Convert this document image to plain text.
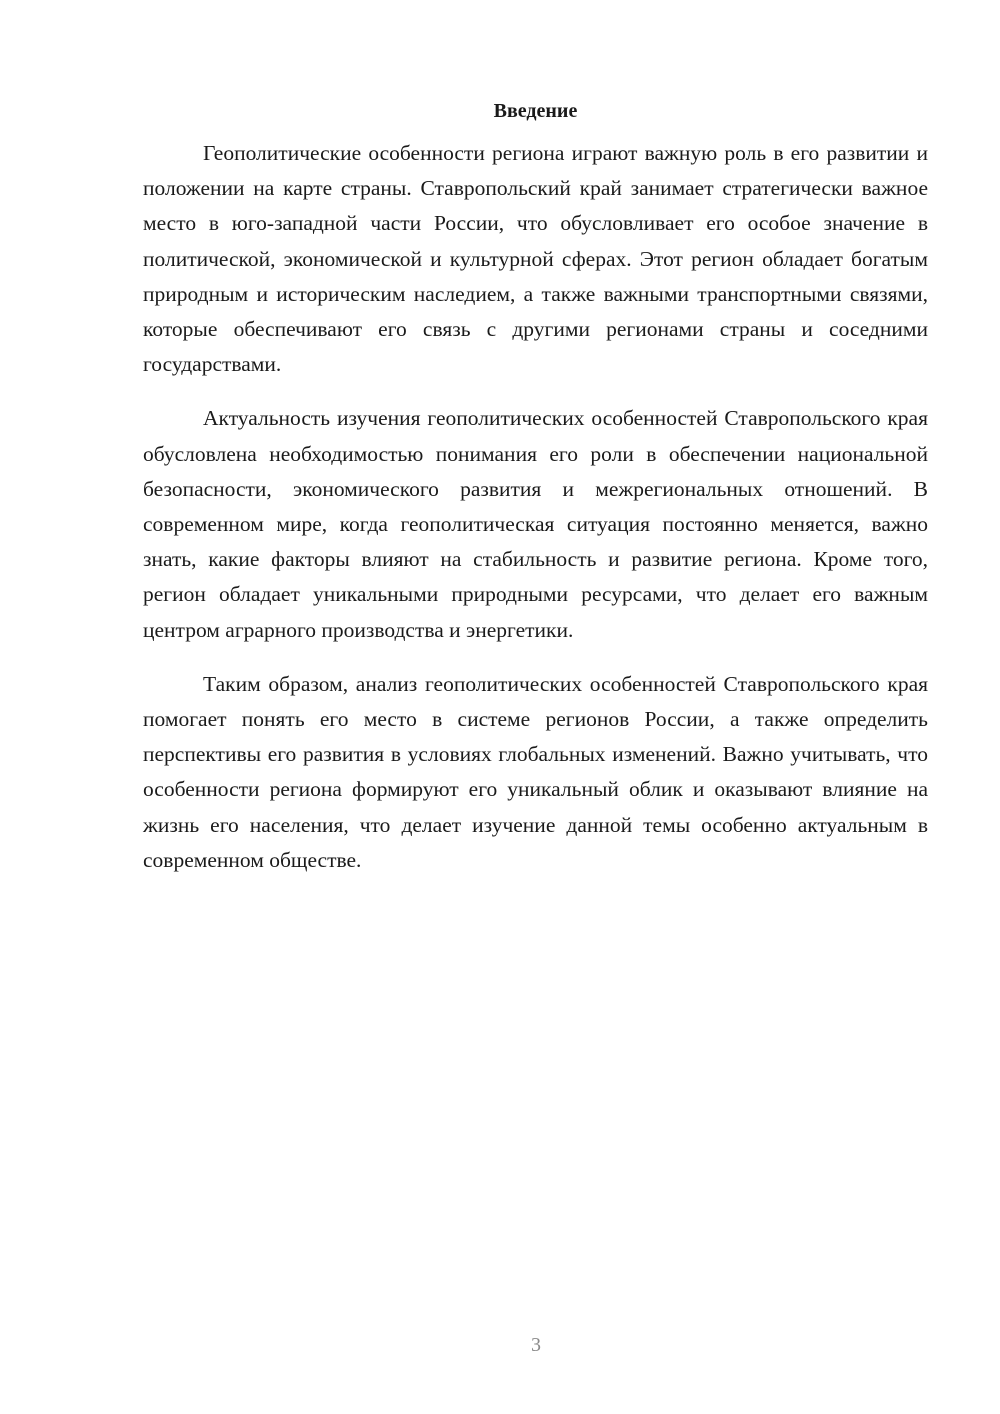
Введение

Геополитические особенности региона играют важную роль в его развитии и положении на карте страны. Ставропольский край занимает стратегически важное место в юго-западной части России, что обусловливает его особое значение в политической, экономической и культурной сферах. Этот регион обладает богатым природным и историческим наследием, а также важными транспортными связями, которые обеспечивают его связь с другими регионами страны и соседними государствами.

Актуальность изучения геополитических особенностей Ставропольского края обусловлена необходимостью понимания его роли в обеспечении национальной безопасности, экономического развития и межрегиональных отношений. В современном мире, когда геополитическая ситуация постоянно меняется, важно знать, какие факторы влияют на стабильность и развитие региона. Кроме того, регион обладает уникальными природными ресурсами, что делает его важным центром аграрного производства и энергетики.

Таким образом, анализ геополитических особенностей Ставропольского края помогает понять его место в системе регионов России, а также определить перспективы его развития в условиях глобальных изменений. Важно учитывать, что особенности региона формируют его уникальный облик и оказывают влияние на жизнь его населения, что делает изучение данной темы особенно актуальным в современном обществе.

3
